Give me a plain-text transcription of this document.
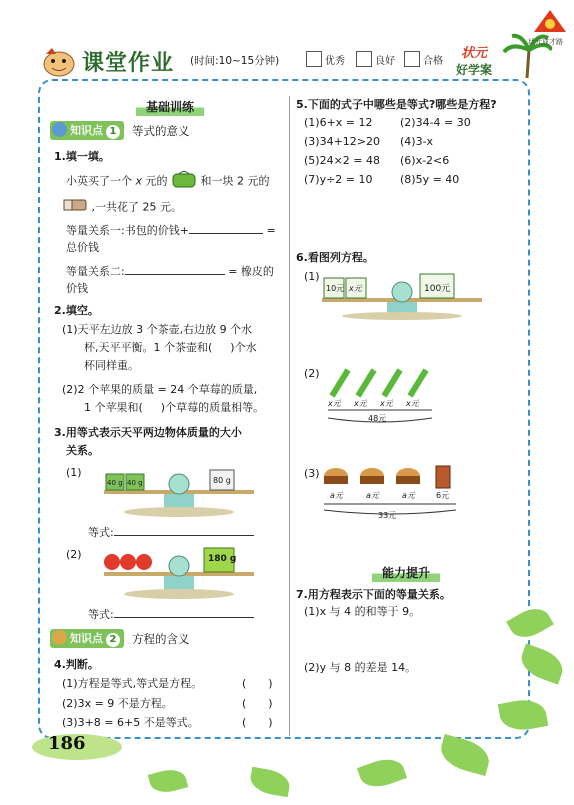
课堂作业 (时间:10~15分钟)	优秀	良好	合格	状元
好学案
状元成才路
基础训练
知识点 1	等式的意义
1.填一填。
小英买了一个 x 元的	和一块 2 元的
,一共花了 25 元。
等量关系一:书包的价钱+	=
总价钱
等量关系二:	= 橡皮的
价钱
2.填空。
(1)天平左边放 3 个茶壶,右边放 9 个水
杯,天平平衡。1 个茶壶和( )个水
杯同样重。
(2)2 个苹果的质量 = 24 个草莓的质量,
1 个苹果和( )个草莓的质量相等。
3.用等式表示天平两边物体质量的大小
关系。
(1)
40 g 40 g	80 g
等式:
(2)	180 g
等式:
知识点 2	方程的含义
4.判断。
(1)方程是等式,等式是方程。	(　　)
(2)3x = 9 不是方程。	(　　)
(3)3+8 = 6+5 不是等式。	(　　)
5.下面的式子中哪些是等式?哪些是方程?
(1)6+x = 12 (2)34-4 = 30
(3)34+12>20 (4)3-x
(5)24×2 = 48 (6)x-2<6
(7)y÷2 = 10 (8)5y = 40
6.看图列方程。
(1)
10元 x元	100元
(2)
x元 x元 x元 x元
48元
(3)
a元	a元	a元	6元
33元
能力提升
7.用方程表示下面的等量关系。
(1)x 与 4 的和等于 9。
(2)y 与 8 的差是 14。
186
